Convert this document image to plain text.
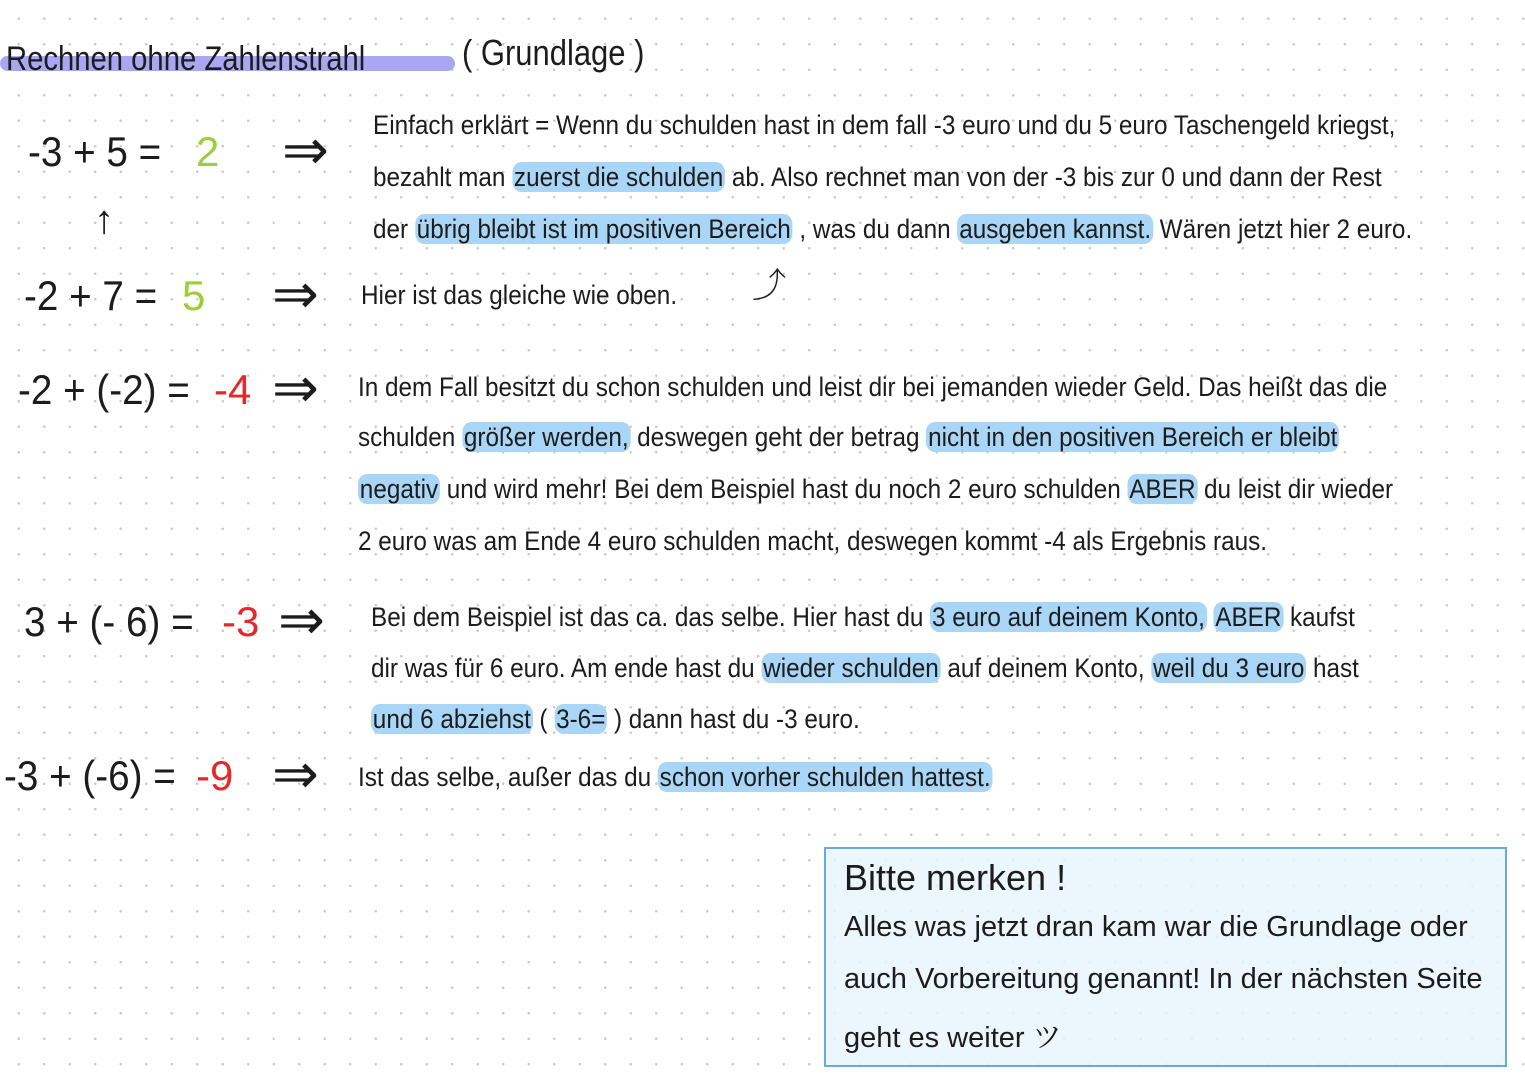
Rechnen ohne Zahlenstrahl	( Grundlage )
↑
⤴
-3 + 5 = 2 ⇒ Einfach erklärt = Wenn du schulden hast in dem fall -3 euro und du 5 euro Taschengeld kriegst,
bezahlt man zuerst die schulden ab. Also rechnet man von der -3 bis zur 0 und dann der Rest
der übrig bleibt ist im positiven Bereich , was du dann ausgeben kannst. Wären jetzt hier 2 euro.
-2 + 7 = 5 ⇒ Hier ist das gleiche wie oben.
-2 + (-2) = -4 ⇒ In dem Fall besitzt du schon schulden und leist dir bei jemanden wieder Geld. Das heißt das die
schulden größer werden, deswegen geht der betrag nicht in den positiven Bereich er bleibt
negativ und wird mehr! Bei dem Beispiel hast du noch 2 euro schulden ABER du leist dir wieder
2 euro was am Ende 4 euro schulden macht, deswegen kommt -4 als Ergebnis raus.
3 + (- 6) = -3 ⇒ Bei dem Beispiel ist das ca. das selbe. Hier hast du 3 euro auf deinem Konto, ABER kaufst
dir was für 6 euro. Am ende hast du wieder schulden auf deinem Konto, weil du 3 euro hast
und 6 abziehst ( 3-6= ) dann hast du -3 euro.
-3 + (-6) = -9 ⇒ Ist das selbe, außer das du schon vorher schulden hattest.
Bitte merken !
Alles was jetzt dran kam war die Grundlage oder
auch Vorbereitung genannt! In der nächsten Seite
geht es weiter ツ
